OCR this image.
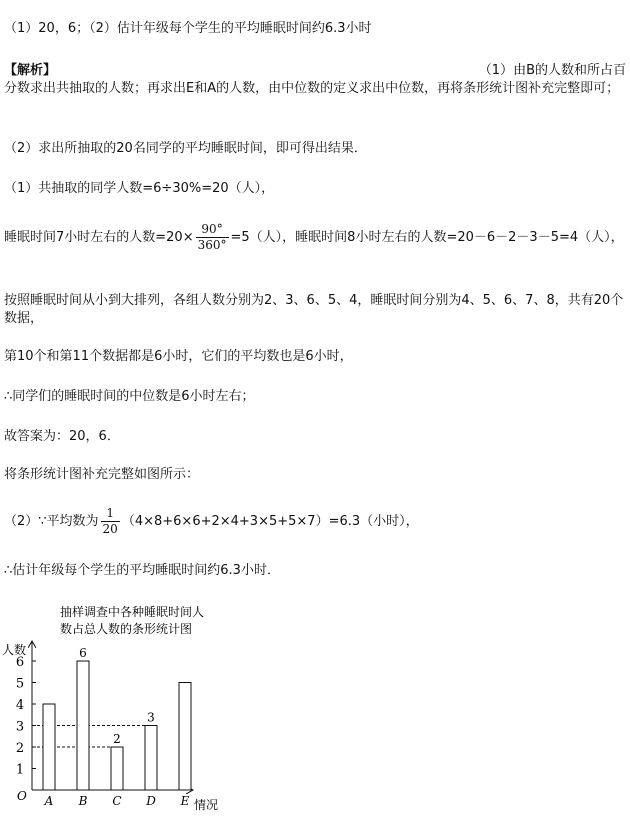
（1）20，6；（2）估计年级每个学生的平均睡眠时间约6.3小时
【解析】	（1）由B的人数和所占百
分数求出共抽取的人数；再求出E和A的人数，由中位数的定义求出中位数，再将条形统计图补充完整即可；
（2）求出所抽取的20名同学的平均睡眠时间，即可得出结果．
（1）共抽取的同学人数=6÷30%=20（人），
睡眠时间7小时左右的人数$=20\times \frac{90^\circ}{360^\circ} =5$（人），睡眠时间8小时左右的人数=20－6－2－3－5=4（人），
按照睡眠时间从小到大排列，各组人数分别为2、3、6、5、4，睡眠时间分别为4、5、6、7、8，共有20个数据，
第10个和第11个数据都是6小时，它们的平均数也是6小时，
∴同学们的睡眠时间的中位数是6小时左右；
故答案为：20，6．
将条形统计图补充完整如图所示：
（2）∵平均数为 $\frac{1}{20} (4\times 8+6\times 6+2\times 4+3\times 5+5\times 7)=6.3$（小时），
∴估计年级每个学生的平均睡眠时间约6.3小时．
抽样调查中各种睡眠时间人
数占总人数的条形统计图
人数
情况
O
1
2
3
4
5
6
A
6
B
2
C
3
D E
